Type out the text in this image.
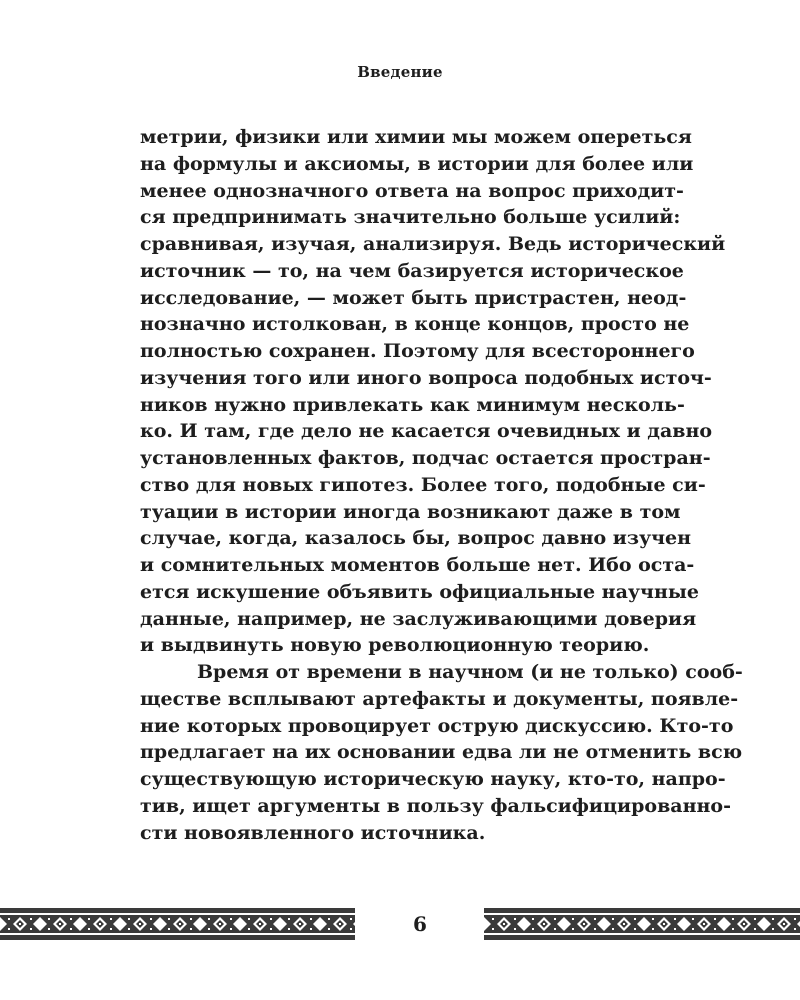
Введение
метрии, физики или химии мы можем опереться
на формулы и аксиомы, в истории для более или
менее однозначного ответа на вопрос приходит-
ся предпринимать значительно больше усилий:
сравнивая, изучая, анализируя. Ведь исторический
источник — то, на чем базируется историческое
исследование, — может быть пристрастен, неод-
нозначно истолкован, в конце концов, просто не
полностью сохранен. Поэтому для всестороннего
изучения того или иного вопроса подобных источ-
ников нужно привлекать как минимум несколь-
ко. И там, где дело не касается очевидных и давно
установленных фактов, подчас остается простран-
ство для новых гипотез. Более того, подобные си-
туации в истории иногда возникают даже в том
случае, когда, казалось бы, вопрос давно изучен
и сомнительных моментов больше нет. Ибо оста-
ется искушение объявить официальные научные
данные, например, не заслуживающими доверия
и выдвинуть новую революционную теорию.
Время от времени в научном (и не только) сооб-
ществе всплывают артефакты и документы, появле-
ние которых провоцирует острую дискуссию. Кто-то
предлагает на их основании едва ли не отменить всю
существующую историческую науку, кто-то, напро-
тив, ищет аргументы в пользу фальсифицированно-
сти новоявленного источника.
6
